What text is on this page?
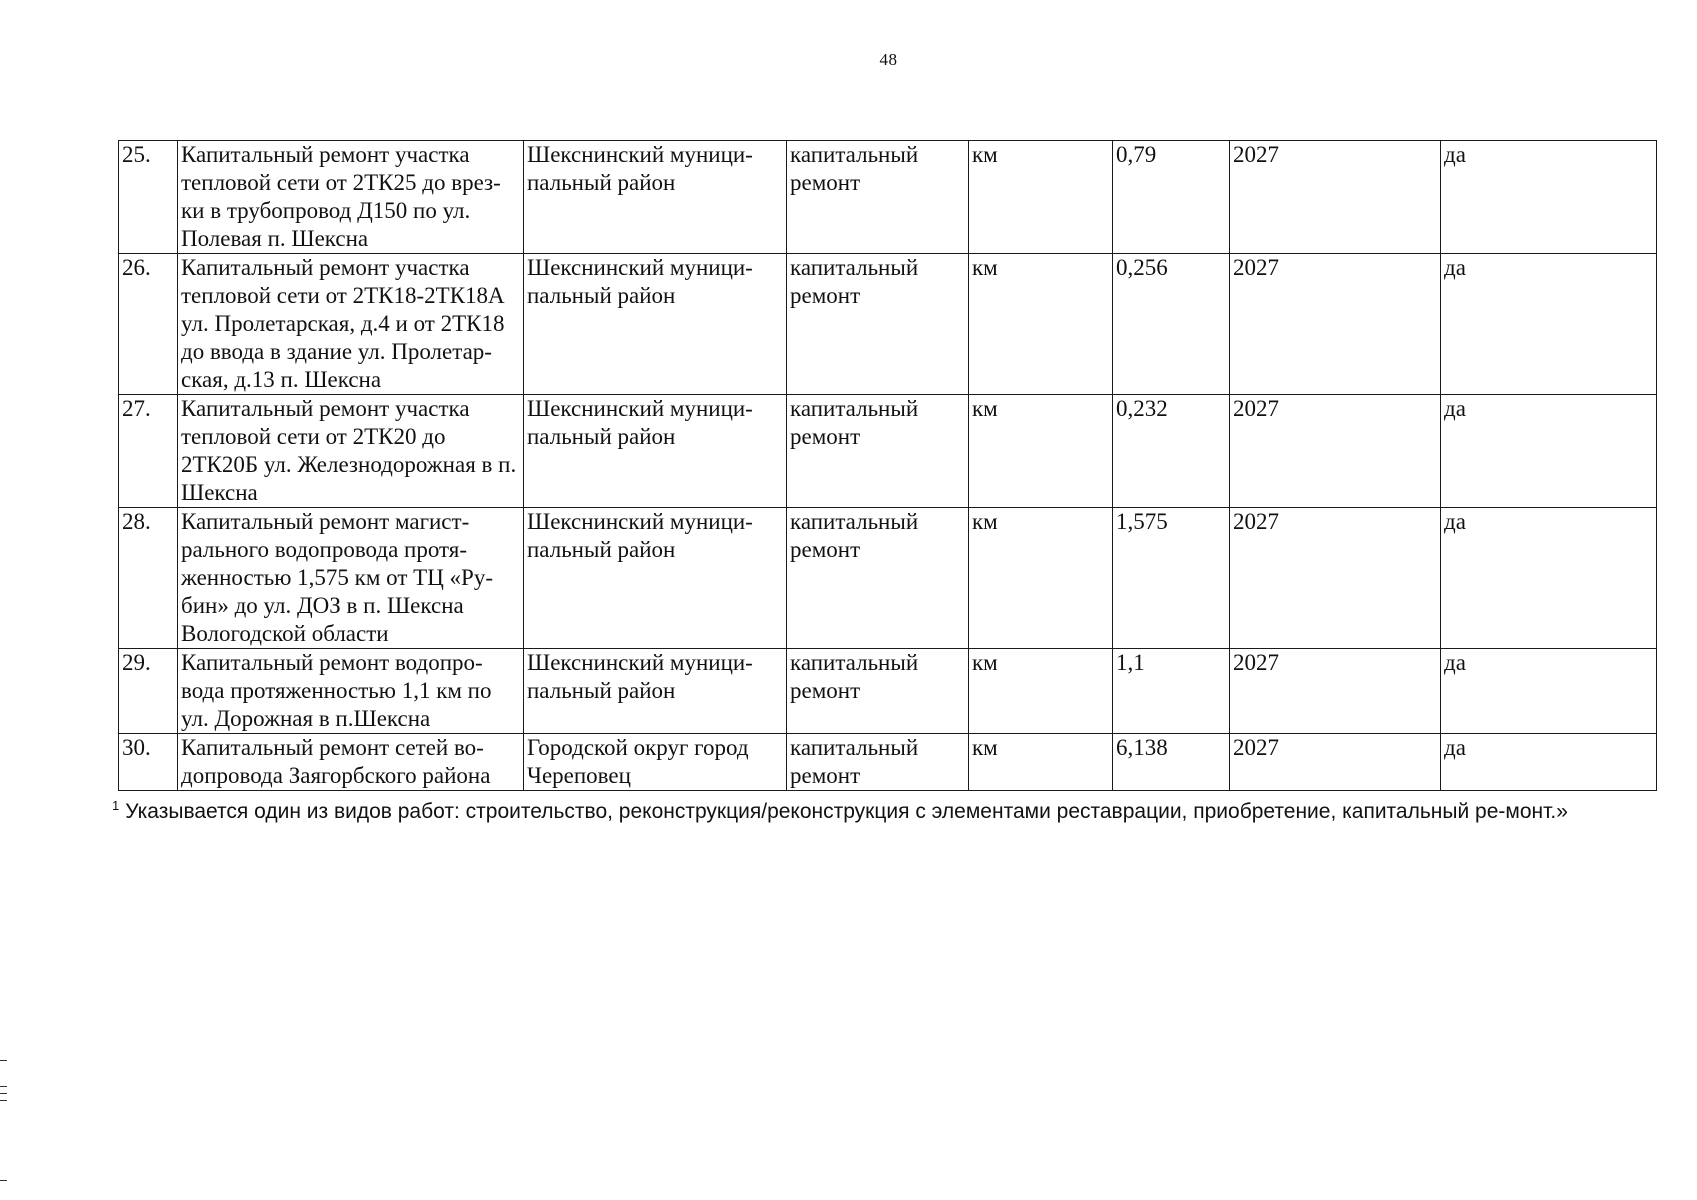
48
25.	Капитальный ремонт участка тепловой сети от 2ТК25 до врез-ки в трубопровод Д150 по ул. Полевая п. Шексна	Шекснинский муници-пальный район	капитальный ремонт	км	0,79	2027	да
26.	Капитальный ремонт участка тепловой сети от 2ТК18-2ТК18А ул. Пролетарская, д.4 и от 2ТК18 до ввода в здание ул. Пролетар-ская, д.13 п. Шексна	Шекснинский муници-пальный район	капитальный ремонт	км	0,256	2027	да
27.	Капитальный ремонт участка тепловой сети от 2ТК20 до 2ТК20Б ул. Железнодорожная в п. Шексна	Шекснинский муници-пальный район	капитальный ремонт	км	0,232	2027	да
28.	Капитальный ремонт магист-рального водопровода протя-женностью 1,575 км от ТЦ «Ру-бин» до ул. ДОЗ в п. Шексна Вологодской области	Шекснинский муници-пальный район	капитальный ремонт	км	1,575	2027	да
29.	Капитальный ремонт водопро-вода протяженностью 1,1 км по ул. Дорожная в п.Шексна	Шекснинский муници-пальный район	капитальный ремонт	км	1,1	2027	да
30.	Капитальный ремонт сетей во-допровода Заягорбского района	Городской округ город Череповец	капитальный ремонт	км	6,138	2027	да
$^1$ Указывается один из видов работ: строительство, реконструкция/реконструкция с элементами реставрации, приобретение, капитальный ре-монт.»
